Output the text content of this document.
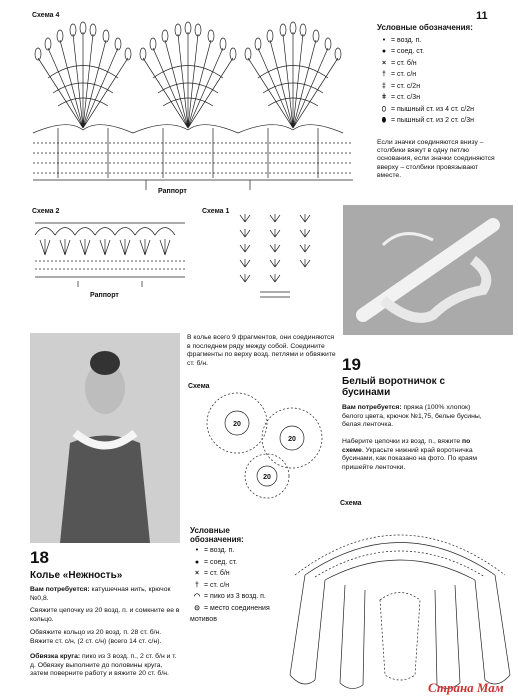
11
Схема 4
Раппорт
Условные обозначения:
• = возд. п.
● = соед. ст.
× = ст. б/н
† = ст. с/н
‡ = ст. с/2н
ǂ = ст. с/3н
⬯ = пышный ст. из 4 ст. с/2н
⬮ = пышный ст. из 2 ст. с/3н
Если значки соединяются внизу – столбики вяжут в одну петлю основания, если значки соединяются вверху – столбики провязывают вместе.
Схема 2
Раппорт
Схема 1
В колье всего 9 фрагментов, они соединяются в последнем ряду между собой. Соедините фрагменты по верху возд. петлями и обвяжите ст. б/н.
Схема
20
20
20
19
Белый воротничок с бусинами
Вам потребуется: пряжа (100% хлопок) белого цвета, крючок №1,75, белые бусины, белая ленточка.
Наберите цепочки из возд. п., вяжите по схеме. Украсьте нижний край воротничка бусинами, как показано на фото. По краям пришейте ленточки.
Схема
18
Колье «Нежность»
Вам потребуется: катушечная нить, крючок №0,8.
Свяжите цепочку из 20 возд. п. и сомкните ее в кольцо.
Обвяжите кольцо из 20 возд. п. 28 ст. б/н. Вяжите ст. с/н, (2 ст. с/н) (всего 14 ст. с/н).
Обвязка круга: пико из 3 возд. п., 2 ст. б/н и т. д. Обвязку выполните до половины круга, затем поверните работу и вяжите 20 ст. б/н.
Условные обозначения:
• = возд. п.
● = соед. ст.
× = ст. б/н
† = ст. с/н
◠ = пико из 3 возд. п.
⊙ = место соединения мотивов
Страна Мам
